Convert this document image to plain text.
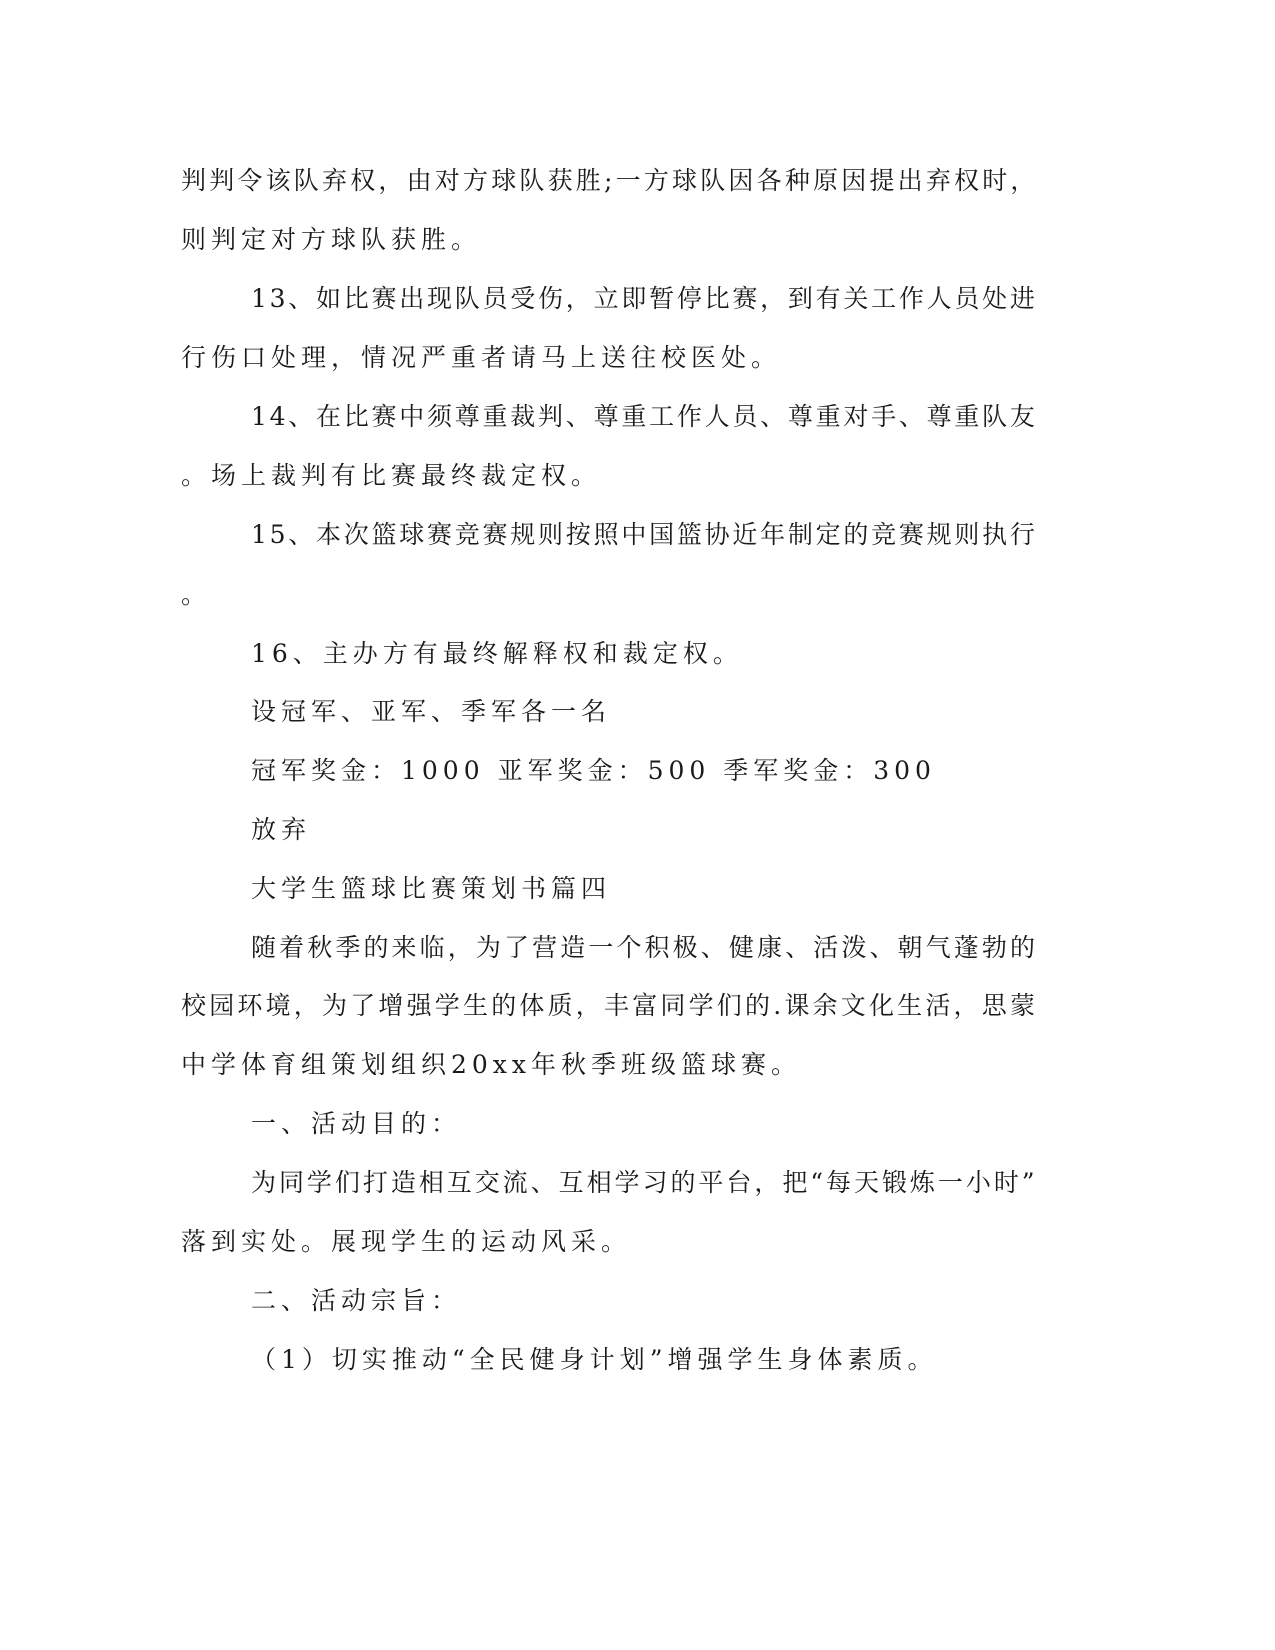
判判令该队弃权，由对方球队获胜;一方球队因各种原因提出弃权时，

则判定对方球队获胜。

13、如比赛出现队员受伤，立即暂停比赛，到有关工作人员处进

行伤口处理，情况严重者请马上送往校医处。

14、在比赛中须尊重裁判、尊重工作人员、尊重对手、尊重队友

。场上裁判有比赛最终裁定权。

15、本次篮球赛竞赛规则按照中国篮协近年制定的竞赛规则执行

。

16、主办方有最终解释权和裁定权。

设冠军、亚军、季军各一名

冠军奖金：1000 亚军奖金：500 季军奖金：300

放弃

大学生篮球比赛策划书篇四

随着秋季的来临，为了营造一个积极、健康、活泼、朝气蓬勃的

校园环境，为了增强学生的体质，丰富同学们的.课余文化生活，思蒙

中学体育组策划组织20xx年秋季班级篮球赛。

一、活动目的：

为同学们打造相互交流、互相学习的平台，把“每天锻炼一小时”

落到实处。展现学生的运动风采。

二、活动宗旨：

（1）切实推动“全民健身计划”增强学生身体素质。
